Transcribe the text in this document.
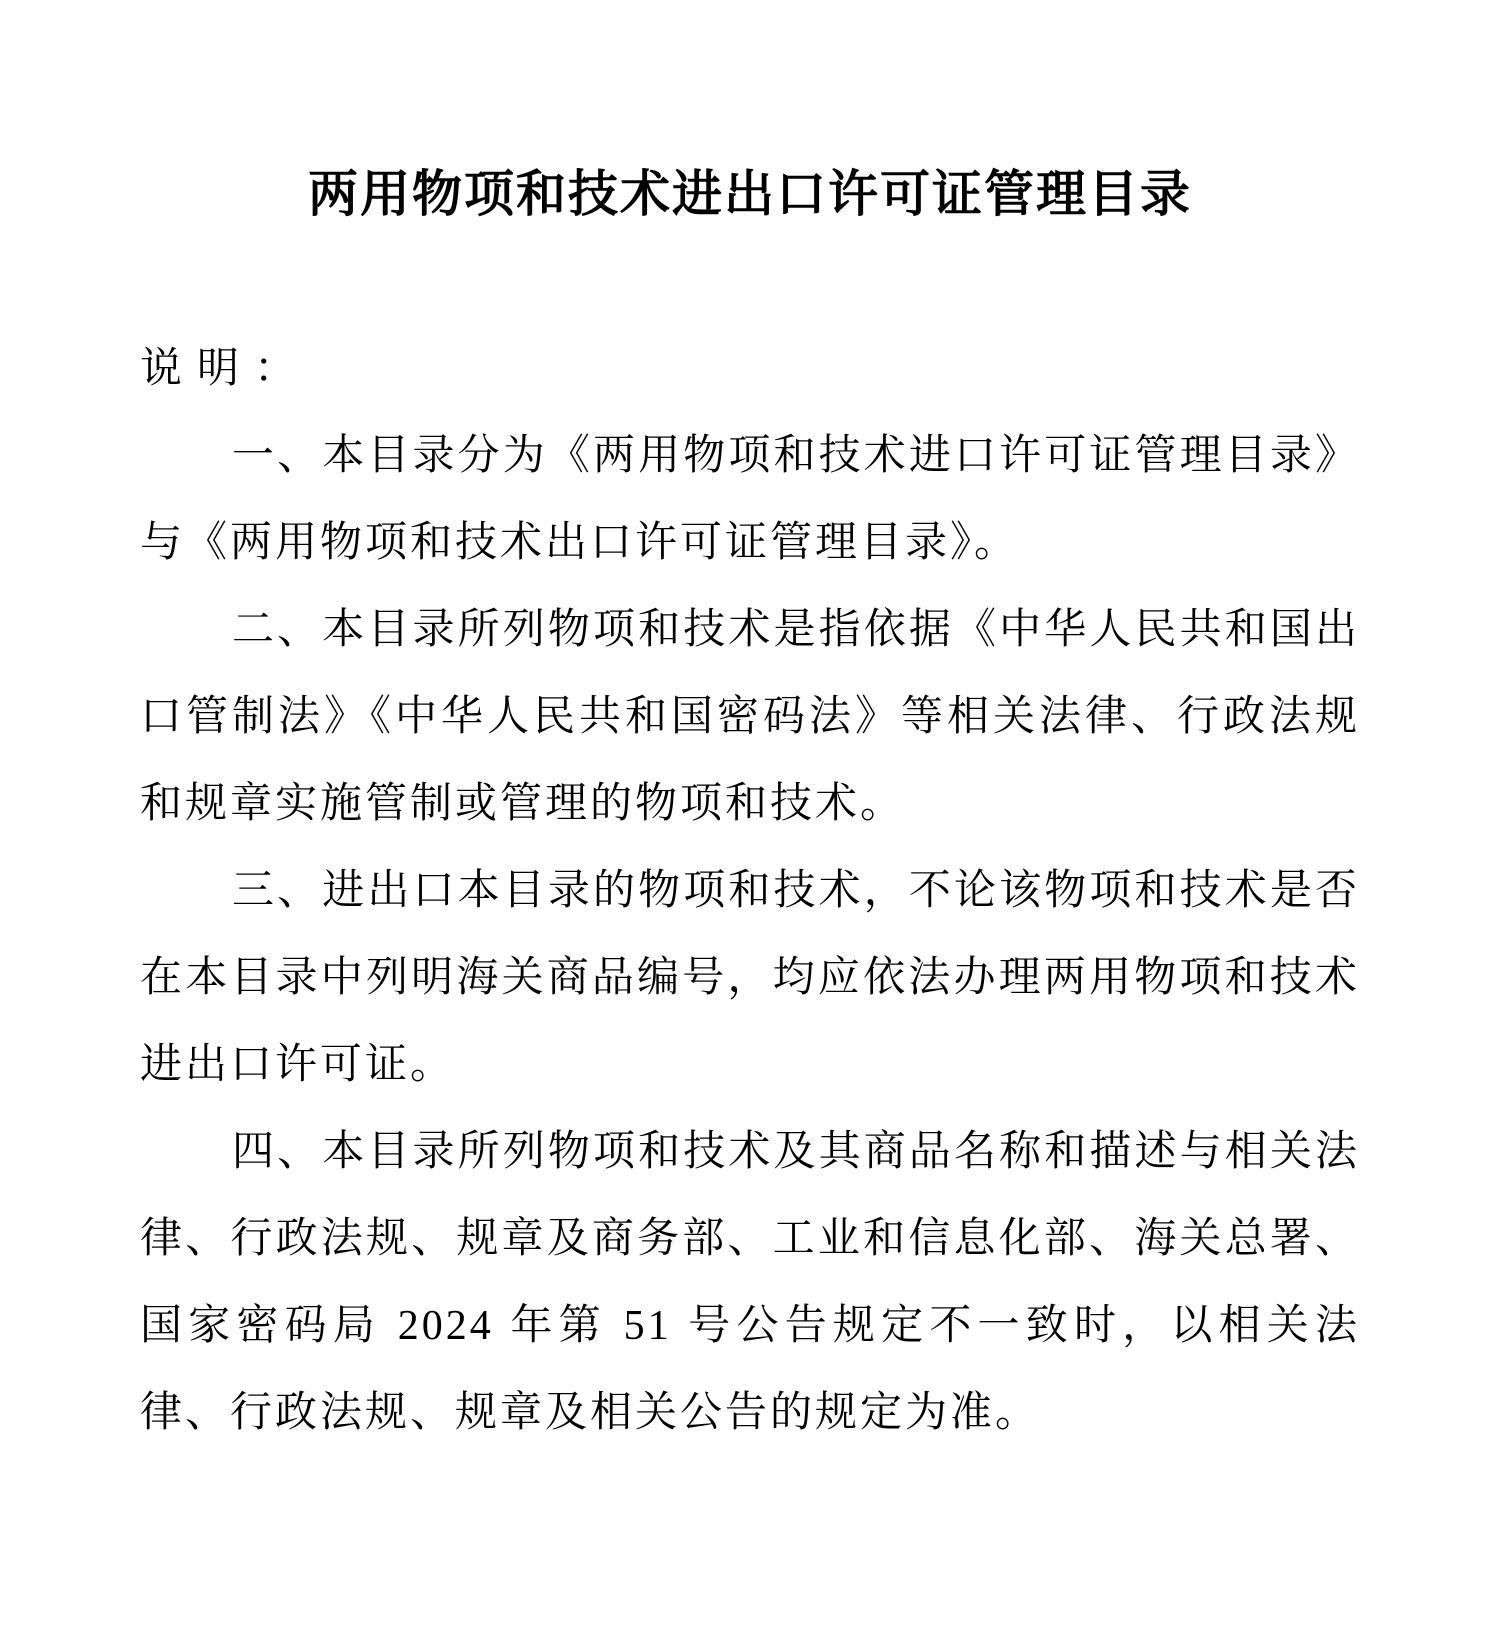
两用物项和技术进出口许可证管理目录

说明：

一、本目录分为《两用物项和技术进口许可证管理目录》与《两用物项和技术出口许可证管理目录》。

二、本目录所列物项和技术是指依据《中华人民共和国出口管制法》《中华人民共和国密码法》等相关法律、行政法规和规章实施管制或管理的物项和技术。

三、进出口本目录的物项和技术，不论该物项和技术是否在本目录中列明海关商品编号，均应依法办理两用物项和技术进出口许可证。

四、本目录所列物项和技术及其商品名称和描述与相关法律、行政法规、规章及商务部、工业和信息化部、海关总署、国家密码局 2024 年第 51 号公告规定不一致时，以相关法律、行政法规、规章及相关公告的规定为准。
